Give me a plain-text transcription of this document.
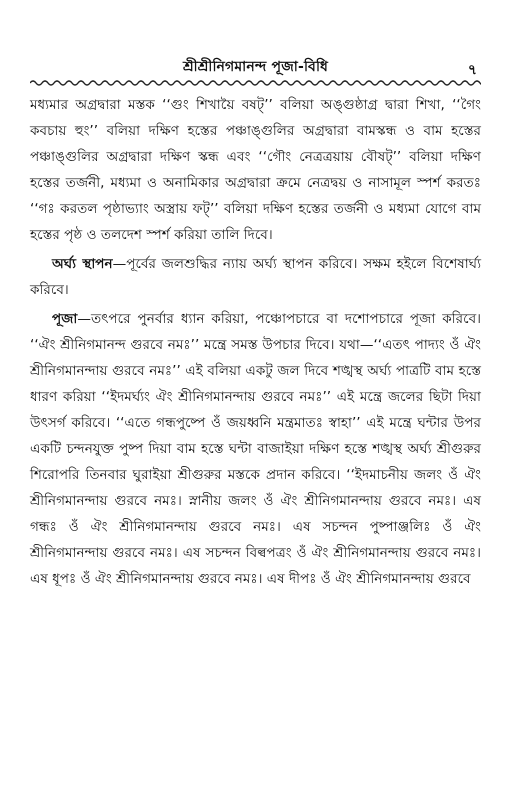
শ্রীশ্রীনিগমানন্দ পূজা-বিধি	৭

মধ্যমার অগ্রদ্বারা মস্তক ‘‘গুং শিখায়ৈ বষট্’’ বলিয়া অঙ্গুষ্ঠাগ্র দ্বারা শিখা, ‘‘গৈং কবচায় হুং’’ বলিয়া দক্ষিণ হস্তের পঞ্চাঙ্গুলির অগ্রদ্বারা বামস্কন্ধ ও বাম হস্তের পঞ্চাঙ্গুলির অগ্রদ্বারা দক্ষিণ স্কন্ধ এবং ‘‘গৌং নেত্রত্রয়ায় বৌষট্’’ বলিয়া দক্ষিণ হস্তের তর্জনী, মধ্যমা ও অনামিকার অগ্রদ্বারা ক্রমে নেত্রদ্বয় ও নাসামূল স্পর্শ করতঃ ‘‘গঃ করতল পৃষ্ঠাভ্যাং অস্ত্রায় ফট্’’ বলিয়া দক্ষিণ হস্তের তর্জনী ও মধ্যমা যোগে বাম হস্তের পৃষ্ঠ ও তলদেশ স্পর্শ করিয়া তালি দিবে।

অর্ঘ্য স্থাপন—পূর্বের জলশুদ্ধির ন্যায় অর্ঘ্য স্থাপন করিবে। সক্ষম হইলে বিশেষার্ঘ্য করিবে।

পূজা—তৎপরে পুনর্বার ধ্যান করিয়া, পঞ্চোপচারে বা দশোপচারে পূজা করিবে। ‘‘ঐং শ্রীনিগমানন্দ গুরবে নমঃ’’ মন্ত্রে সমস্ত উপচার দিবে। যথা—‘‘এতৎ পাদ্যং ওঁ ঐং শ্রীনিগমানন্দায় গুরবে নমঃ’’ এই বলিয়া একটু জল দিবে শঙ্খস্থ অর্ঘ্য পাত্রটি বাম হস্তে ধারণ করিয়া ‘‘ইদমর্ঘ্যং ঐং শ্রীনিগমানন্দায় গুরবে নমঃ’’ এই মন্ত্রে জলের ছিটা দিয়া উৎসর্গ করিবে। ‘‘এতে গন্ধপুষ্পে ওঁ জয়ধ্বনি মন্ত্রমাতঃ স্বাহা’’ এই মন্ত্রে ঘন্টার উপর একটি চন্দনযুক্ত পুষ্প দিয়া বাম হস্তে ঘন্টা বাজাইয়া দক্ষিণ হস্তে শঙ্খস্থ অর্ঘ্য শ্রীগুরুর শিরোপরি তিনবার ঘুরাইয়া শ্রীগুরুর মস্তকে প্রদান করিবে। ‘‘ইদমাচনীয় জলং ওঁ ঐং শ্রীনিগমানন্দায় গুরবে নমঃ। স্নানীয় জলং ওঁ ঐং শ্রীনিগমানন্দায় গুরবে নমঃ। এষ গন্ধঃ ওঁ ঐং শ্রীনিগমানন্দায় গুরবে নমঃ। এষ সচন্দন পুষ্পাঞ্জলিঃ ওঁ ঐং শ্রীনিগমানন্দায় গুরবে নমঃ। এষ সচন্দন বিল্বপত্রং ওঁ ঐং শ্রীনিগমানন্দায় গুরবে নমঃ। এষ ধূপঃ ওঁ ঐং শ্রীনিগমানন্দায় গুরবে নমঃ। এষ দীপঃ ওঁ ঐং শ্রীনিগমানন্দায় গুরবে
